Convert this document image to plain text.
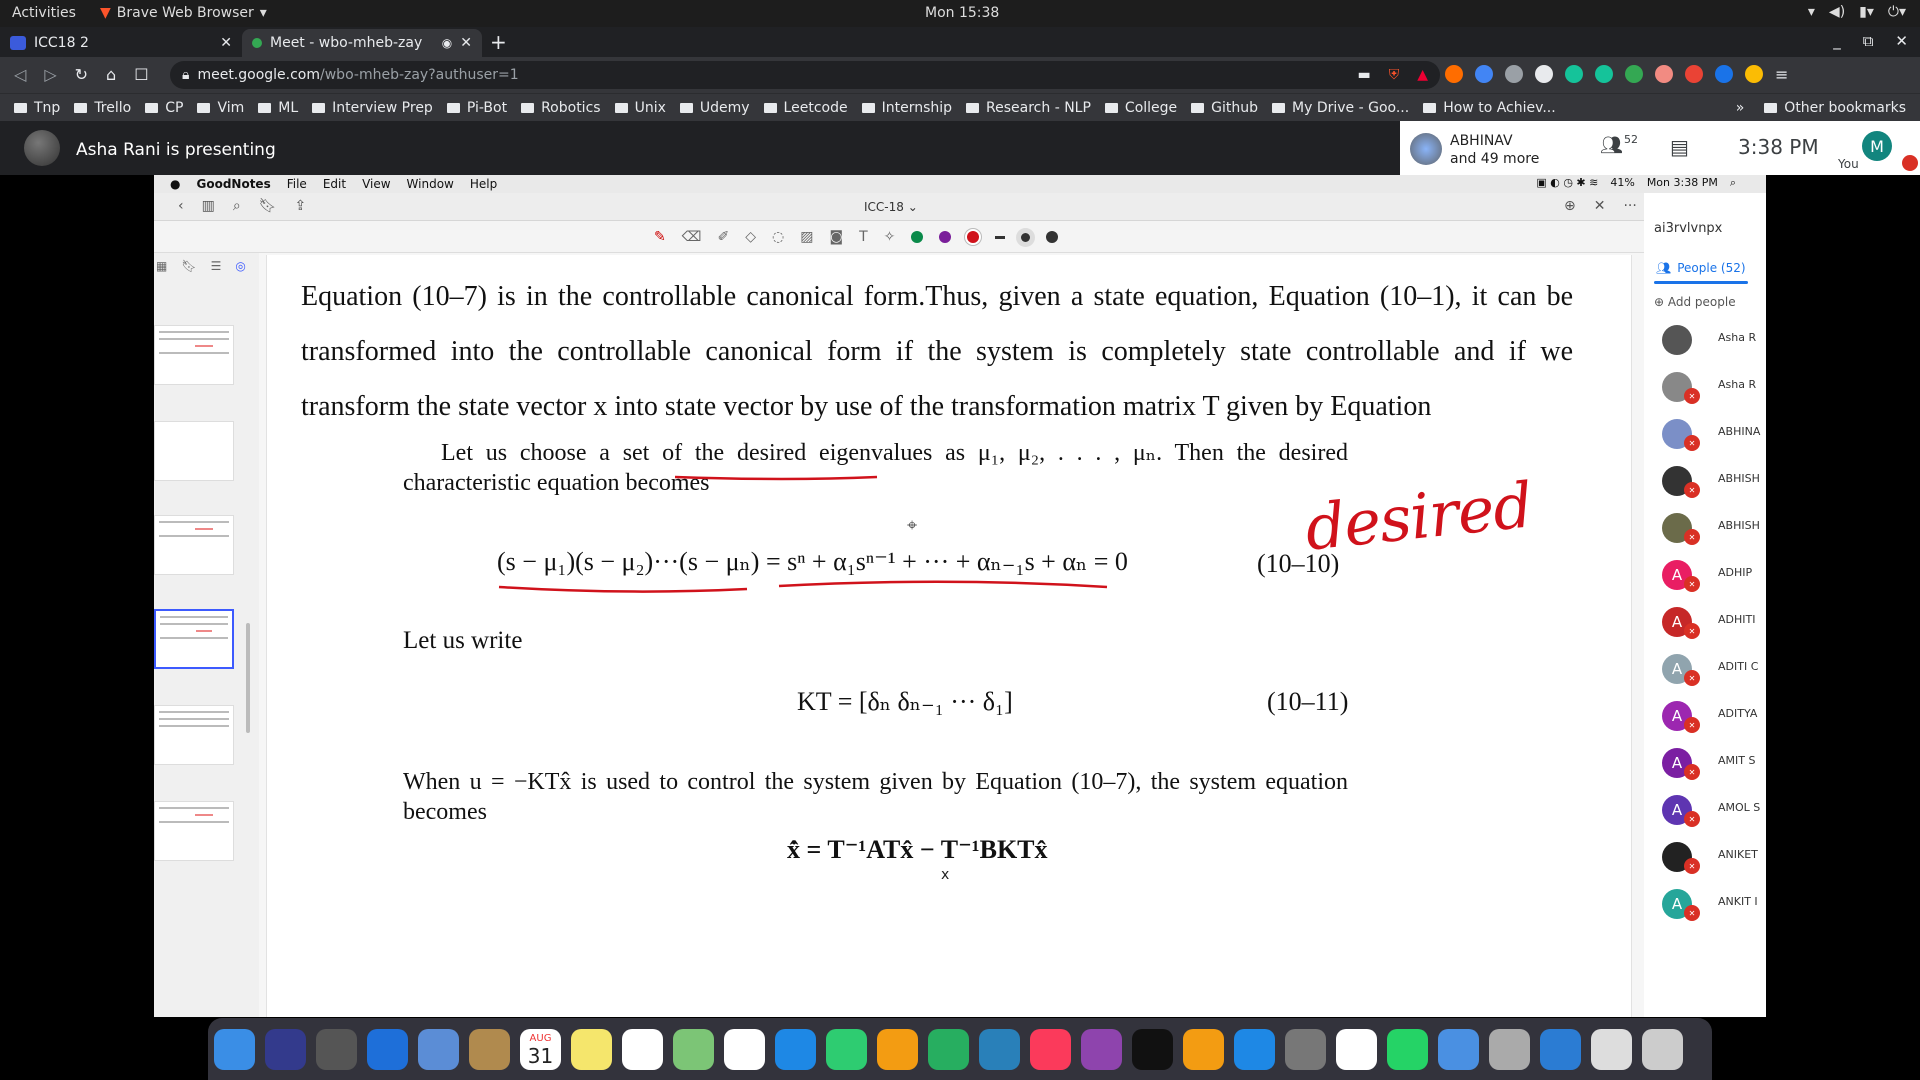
Activities ▼ Brave Web Browser ▾	Mon 15:38	▾ ◀) ▮▾ ⏻▾
ICC18 2	✕	Meet - wbo-mheb-zay ◉ ✕ +	_ ⧉ ✕
◁ ▷ ↻ ⌂ ☐ 🔒︎ meet.google.com/wbo-mheb-zay?authuser=1	▬ ⛨ ▲	≡
Tnp Trello CP Vim ML Interview Prep Pi-Bot Robotics Unix Udemy Leetcode Internship Research - NLP College Github My Drive - Goo... How to Achiev...	»	Other bookmarks
Asha Rani is presenting	ABHINAV
and 49 more
👥︎ 52 ▤ 3:38 PM	M
You
● GoodNotes File Edit View Window Help	▣ ◐ ◷ ✱ ≋ 41% Mon 3:38 PM ⌕
‹ ▥ ⌕ 🔖︎ ⇪	ICC-18 ⌄	⊕ ✕ ···
✎ ⌫ ✐ ◇ ◌ ▨ ◙ T ✧
▦ 🔖︎ ☰ ◎
Equation (10–7) is in the controllable canonical form.Thus, given a state equation, Equation (10–1), it can be transformed into the controllable canonical form if the system is completely state controllable and if we transform the state vector x into state vector by use of the transformation matrix T given by Equation
Let us choose a set of the desired eigenvalues as μ₁, μ₂, . . . , μₙ. Then the desired characteristic equation becomes
⌖
(s − μ₁)(s − μ₂)···(s − μₙ) = sⁿ + α₁sⁿ⁻¹ + ··· + αₙ₋₁s + αₙ = 0	(10–10)
Let us write
KT = [δₙ δₙ₋₁ ··· δ₁]	(10–11)
When u = −KTx̂ is used to control the system given by Equation (10–7), the system equation becomes
x̂̇ = T⁻¹ATx̂ − T⁻¹BKTx̂
x
desired
ai3rvlvnpx
👥︎ People (52)
⊕ Add people
Asha R
✕
Asha R
✕
ABHINA
✕
ABHISH
✕
ABHISH
A ✕
ADHIP
A ✕
ADHITI
A ✕
ADITI C
A ✕
ADITYA
A ✕
AMIT S
A ✕
AMOL S
✕
ANIKET
A ✕
ANKIT I
AUG
31
